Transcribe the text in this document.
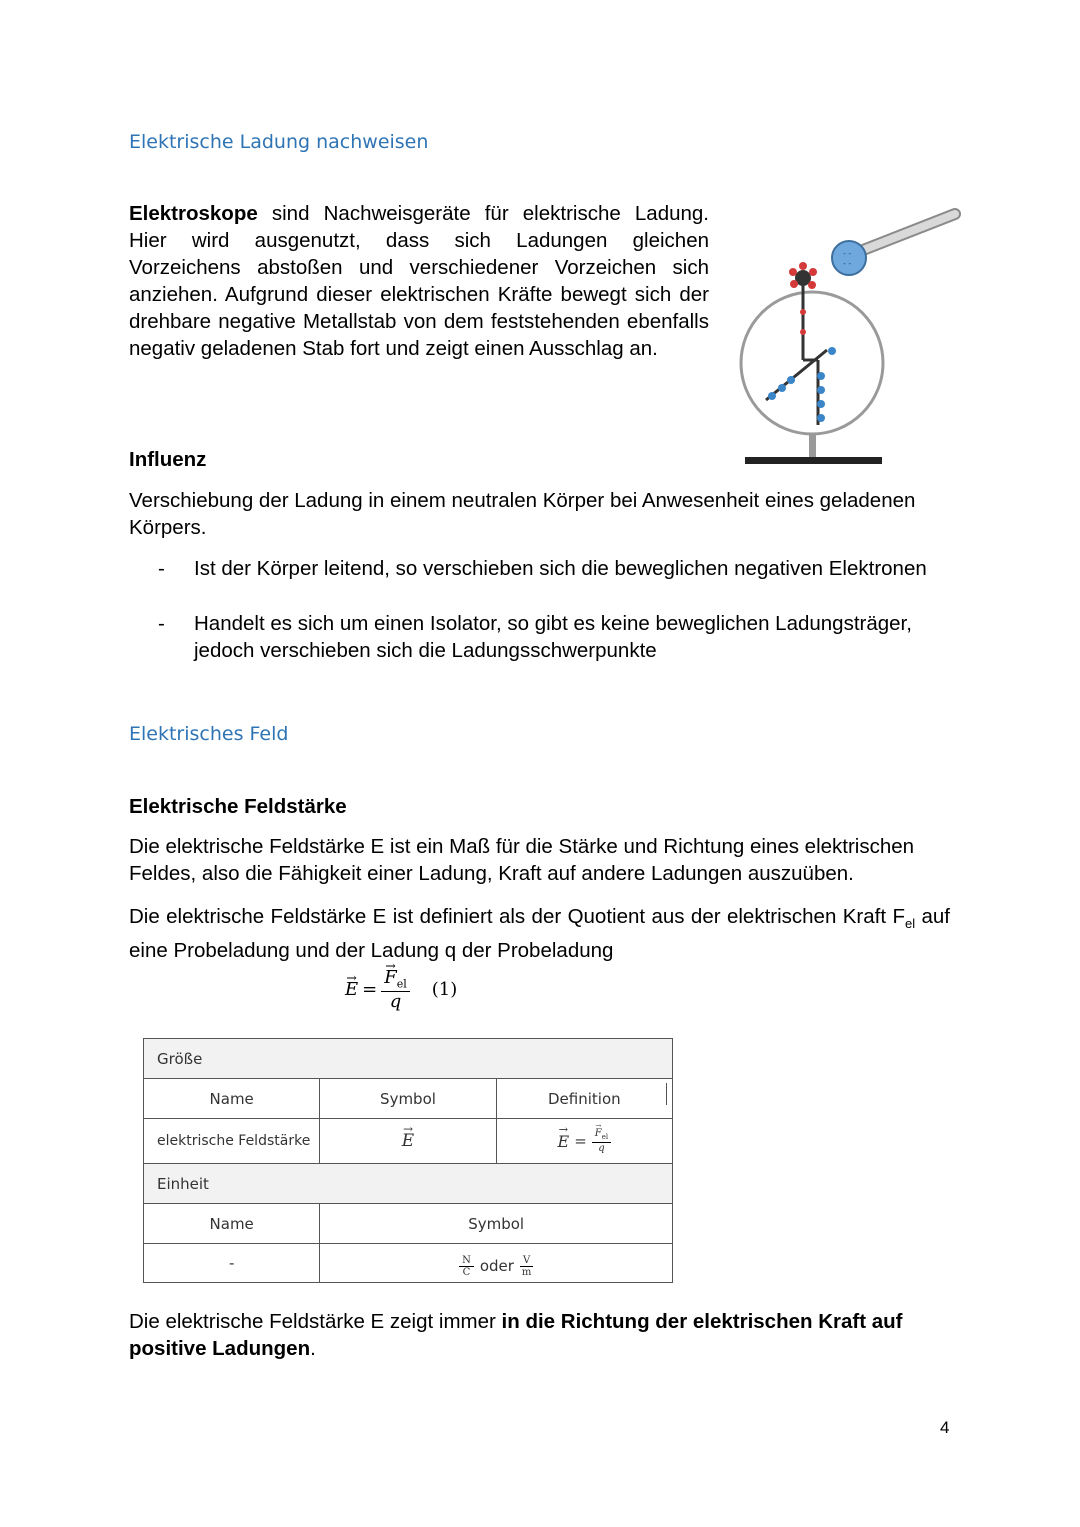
Elektrische Ladung nachweisen
Elektroskope sind Nachweisgeräte für elektrische Ladung. Hier wird ausgenutzt, dass sich Ladungen gleichen Vorzeichens abstoßen und verschiedener Vorzeichen sich anziehen. Aufgrund dieser elektrischen Kräfte bewegt sich der drehbare negative Metallstab von dem feststehenden ebenfalls negativ geladenen Stab fort und zeigt einen Ausschlag an.
- -
- -
Influenz
Verschiebung der Ladung in einem neutralen Körper bei Anwesenheit eines geladenen Körpers.
- Ist der Körper leitend, so verschieben sich die beweglichen negativen Elektronen
- Handelt es sich um einen Isolator, so gibt es keine beweglichen Ladungsträger, jedoch verschieben sich die Ladungsschwerpunkte
Elektrisches Feld
Elektrische Feldstärke
Die elektrische Feldstärke E ist ein Maß für die Stärke und Richtung eines elektrischen Feldes, also die Fähigkeit einer Ladung, Kraft auf andere Ladungen auszuüben.
Die elektrische Feldstärke E ist definiert als der Quotient aus der elektrischen Kraft $F_{el}$ auf eine Probeladung und der Ladung q der Probeladung
→ E = → $\frac{F_{el}}{q} (1)$
Größe		
Name	Symbol	Definition
elektrische Feldstärke	→ E	→ E = → $\frac{F_{el}}{q}$

Einheit		
Name	Symbol	
-	$\frac{N}{C}$ oder $\frac{V}{m}$
Die elektrische Feldstärke E zeigt immer in die Richtung der elektrischen Kraft auf positive Ladungen.
4
